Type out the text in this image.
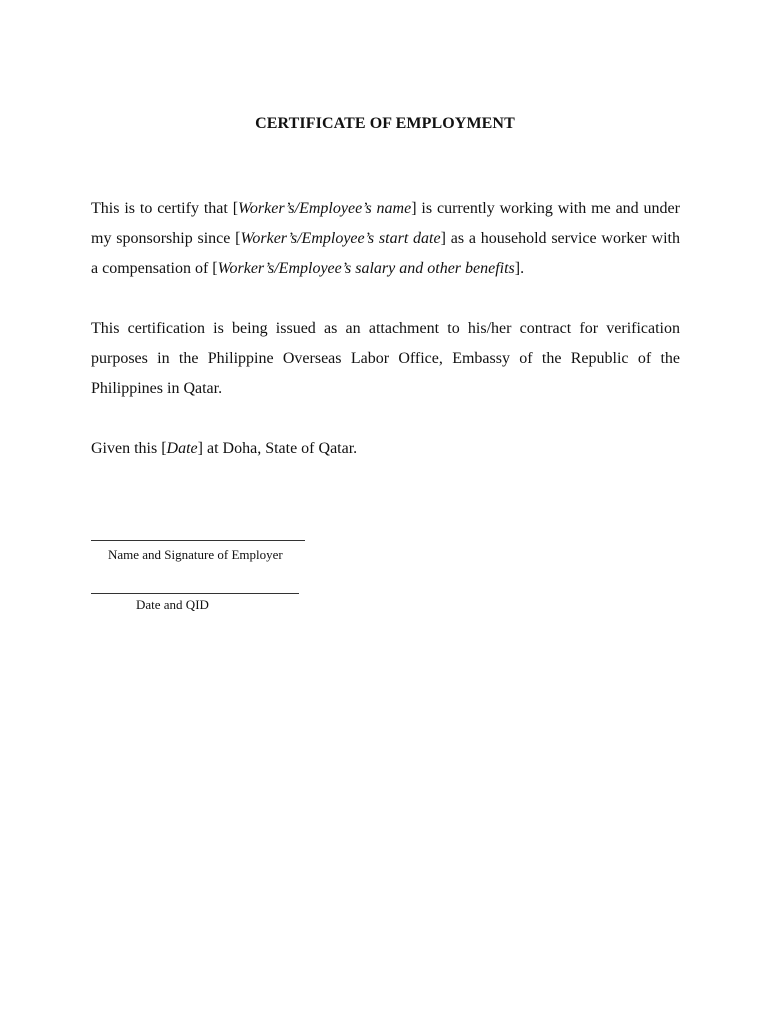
CERTIFICATE OF EMPLOYMENT

This is to certify that [Worker’s/Employee’s name] is currently working with me and under my sponsorship since [Worker’s/Employee’s start date] as a household service worker with a compensation of [Worker’s/Employee’s salary and other benefits].

This certification is being issued as an attachment to his/her contract for verification purposes in the Philippine Overseas Labor Office, Embassy of the Republic of the Philippines in Qatar.

Given this [Date] at Doha, State of Qatar.

Name and Signature of Employer
Date and QID
